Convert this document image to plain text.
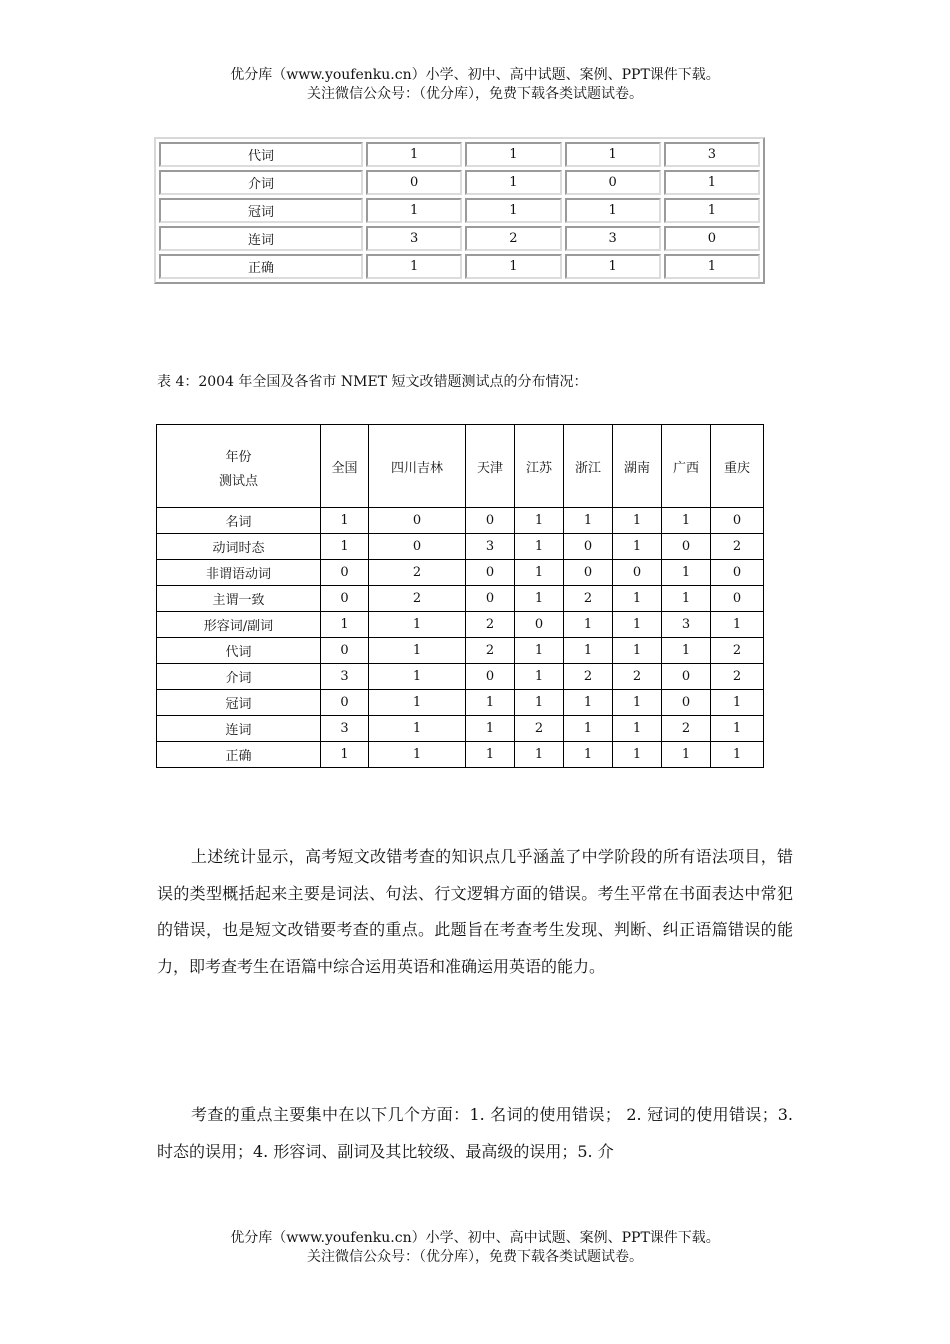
优分库（www.youfenku.cn）小学、初中、高中试题、案例、PPT课件下载。
关注微信公众号：（优分库），免费下载各类试题试卷。
代词	1	1	1	3
介词	0	1	0	1
冠词	1	1	1	1
连词	3	2	3	0
正确	1	1	1	1
表 4：2004 年全国及各省市 NMET 短文改错题测试点的分布情况：
年份
测试点	全国	四川吉林	天津	江苏	浙江	湖南	广西	重庆
名词	1	0	0	1	1	1	1	0
动词时态	1	0	3	1	0	1	0	2
非谓语动词	0	2	0	1	0	0	1	0
主谓一致	0	2	0	1	2	1	1	0
形容词/副词	1	1	2	0	1	1	3	1
代词	0	1	2	1	1	1	1	2
介词	3	1	0	1	2	2	0	2
冠词	0	1	1	1	1	1	0	1
连词	3	1	1	2	1	1	2	1
正确	1	1	1	1	1	1	1	1

上述统计显示，高考短文改错考查的知识点几乎涵盖了中学阶段的所有语法项目，错误的类型概括起来主要是词法、句法、行文逻辑方面的错误。考生平常在书面表达中常犯的错误，也是短文改错要考查的重点。此题旨在考查考生发现、判断、纠正语篇错误的能力，即考查考生在语篇中综合运用英语和准确运用英语的能力。

考查的重点主要集中在以下几个方面：1. 名词的使用错误； 2. 冠词的使用错误；3. 时态的误用；4. 形容词、副词及其比较级、最高级的误用；5. 介

优分库（www.youfenku.cn）小学、初中、高中试题、案例、PPT课件下载。
关注微信公众号：（优分库），免费下载各类试题试卷。
